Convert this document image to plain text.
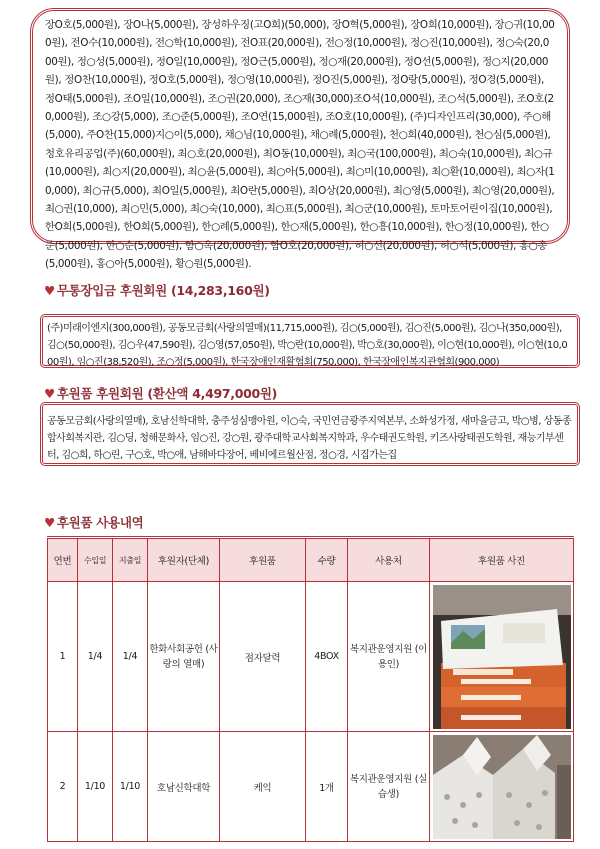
장O호(5,000원), 장O나(5,000원), 장성하우징(고O희)(50,000), 장O혁(5,000원), 장O희(10,000원), 장○귀(10,000원), 전O수(10,000원), 전○학(10,000원), 전O표(20,000원), 전○정(10,000원), 정○진(10,000원), 정○숙(20,000원), 정○성(5,000원), 정O일(10,000원), 정O근(5,000원), 정○재(20,000원), 정O선(5,000원), 정○지(20,000원), 정O찬(10,000원), 정O호(5,000원), 정○영(10,000원), 정O진(5,000원), 정O랑(5,000원), 정O경(5,000원), 정O태(5,000원), 조O일(10,000원), 조○권(20,000), 조○재(30,000)조O석(10,000원), 조○석(5,000원), 조O호(20,000원), 조○강(5,000), 조○준(5,000원), 조O연(15,000원), 조O호(10,000원), (주)디자인프리(30,000), 주○해(5,000), 주O찬(15,000)지○이(5,000), 채○님(10,000원), 채○례(5,000원), 천○희(40,000원), 천○심(5,000원), 청호유리공업(주)(60,000원), 최○호(20,000원), 최O동(10,000원), 최○국(100,000원), 최○숙(10,000원), 최○규(10,000원), 최○지(20,000원), 최○윤(5,000원), 최○아(5,000원), 최○미(10,000원), 최○환(10,000원), 최○자(10,000), 최○규(5,000), 최O일(5,000원), 최O란(5,000원), 최O상(20,000원), 최○영(5,000원), 최○영(20,000원), 최○권(10,000), 최○민(5,000), 최○숙(10,000), 최○표(5,000원), 최○군(10,000원), 토마토어린이집(10,000원), 한O희(5,000원), 한O희(5,000원), 한○례(5,000원), 한○재(5,000원), 한○흥(10,000원), 한○정(10,000원), 한○준(5,000원), 한○순(5,000원), 함○옥(20,000원), 함O호(20,000원), 허○선(20,000원), 허○석(5,000원), 홍○송(5,000원), 홍○아(5,000원), 황○원(5,000원).
♥ 무통장입금 후원회원 (14,283,160원)
(주)미래이엔지(300,000원), 공동모금회(사랑의열매)(11,715,000원), 김○(5,000원), 김○진(5,000원), 김○나(350,000원), 김○(50,000원), 김○우(47,590원), 김○영(57,050원), 박○란(10,000원), 박○호(30,000원), 이○현(10,000원), 이○현(10,000원), 임○진(38,520원), 조○정(5,000원), 한국장애인재활협회(750,000), 한국장애인복지관협회(900,000)
♥ 후원품 후원회원 (환산액 4,497,000원)
공동모금회(사랑의열매), 호남신학대학, 충주성심맹아원, 이○숙, 국민연금광주지역본부, 소화성가정, 새마을금고, 박○병, 상동종합사회복지관, 김○딩, 청해문화사, 임○진, 강○원, 광주대학교사회복지학과, 우수태권도학원, 키즈사랑태권도학원, 재능기부센터, 김○희, 하○린, 구○호, 박○애, 남해바다장어, 베비에르월산점, 정○경, 시집가는집
♥ 후원품 사용내역
연번	수입일	지출일	후원자(단체)	후원품	수량	사용처	후원품 사진
1	1/4	1/4	한화사회공헌 (사랑의 열매)	점자달력	4BOX	복지관운영지원 (이용인)	

2	1/10	1/10	호남신학대학	케익	1개	복지관운영지원 (실습생)	
